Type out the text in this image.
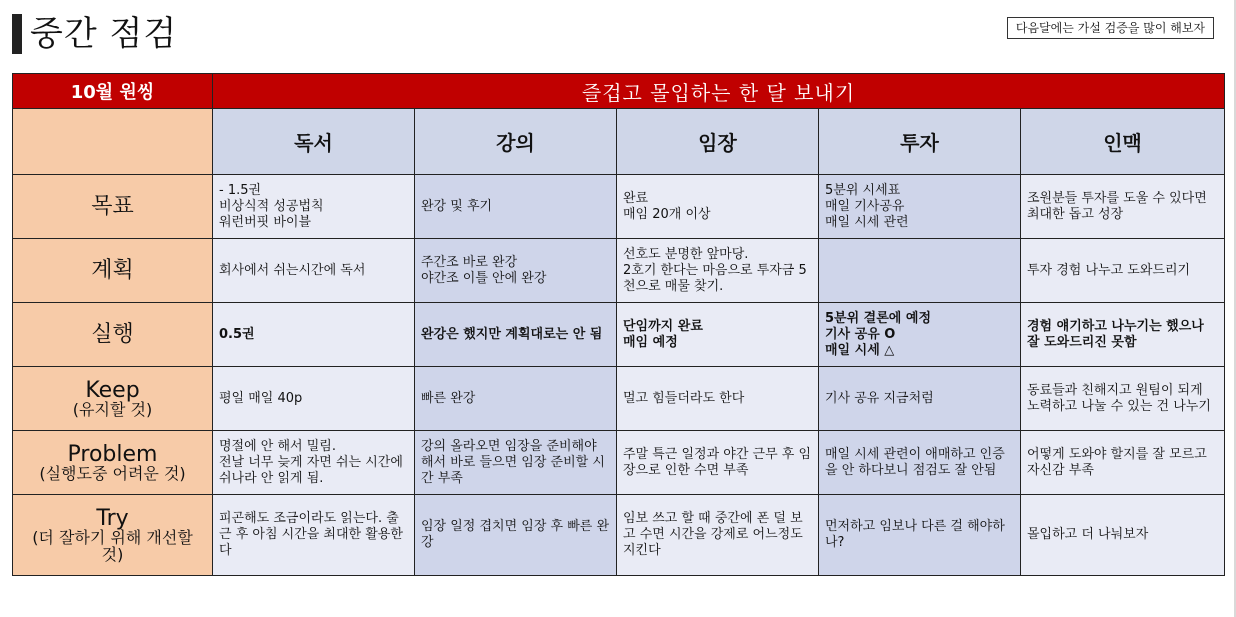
중간 점검	다음달에는 가설 검증을 많이 해보자
10월 원씽	즐겁고 몰입하는 한 달 보내기				
	독서	강의	임장	투자	인맥

목표	- 1.5권
비상식적 성공법칙
워런버핏 바이블	완강 및 후기	완료
매임 20개 이상	5분위 시세표
매일 기사공유
매일 시세 관련	조원분들 투자를 도울 수 있다면 최대한 돕고 성장

계획	회사에서 쉬는시간에 독서	주간조 바로 완강
야간조 이틀 안에 완강	선호도 분명한 앞마당.
2호기 한다는 마음으로 투자금 5천으로 매물 찾기.		투자 경험 나누고 도와드리기

실행	0.5권	완강은 했지만 계획대로는 안 됨	단임까지 완료
매임 예정	5분위 결론에 예정
기사 공유 O
매일 시세 △	경험 얘기하고 나누기는 했으나 잘 도와드리진 못함

Keep
(유지할 것)	평일 매일 40p	빠른 완강	멀고 힘들더라도 한다	기사 공유 지금처럼	동료들과 친해지고 원팀이 되게 노력하고 나눌 수 있는 건 나누기

Problem
(실행도중 어려운 것)	명절에 안 해서 밀림.
전날 너무 늦게 자면 쉬는 시간에 쉬나라 안 읽게 됨.	강의 올라오면 임장을 준비해야 해서 바로 들으면 임장 준비할 시간 부족	주말 특근 일정과 야간 근무 후 임장으로 인한 수면 부족	매일 시세 관련이 애매하고 인증을 안 하다보니 점검도 잘 안됨	어떻게 도와야 할지를 잘 모르고 자신감 부족

Try
(더 잘하기 위해 개선할 것)	피곤해도 조금이라도 읽는다. 출근 후 아침 시간을 최대한 활용한다	임장 일정 겹치면 임장 후 빠른 완강	임보 쓰고 할 때 중간에 폰 덜 보고 수면 시간을 강제로 어느정도 지킨다	먼저하고 임보나 다른 걸 해야하나?	몰입하고 더 나눠보자
